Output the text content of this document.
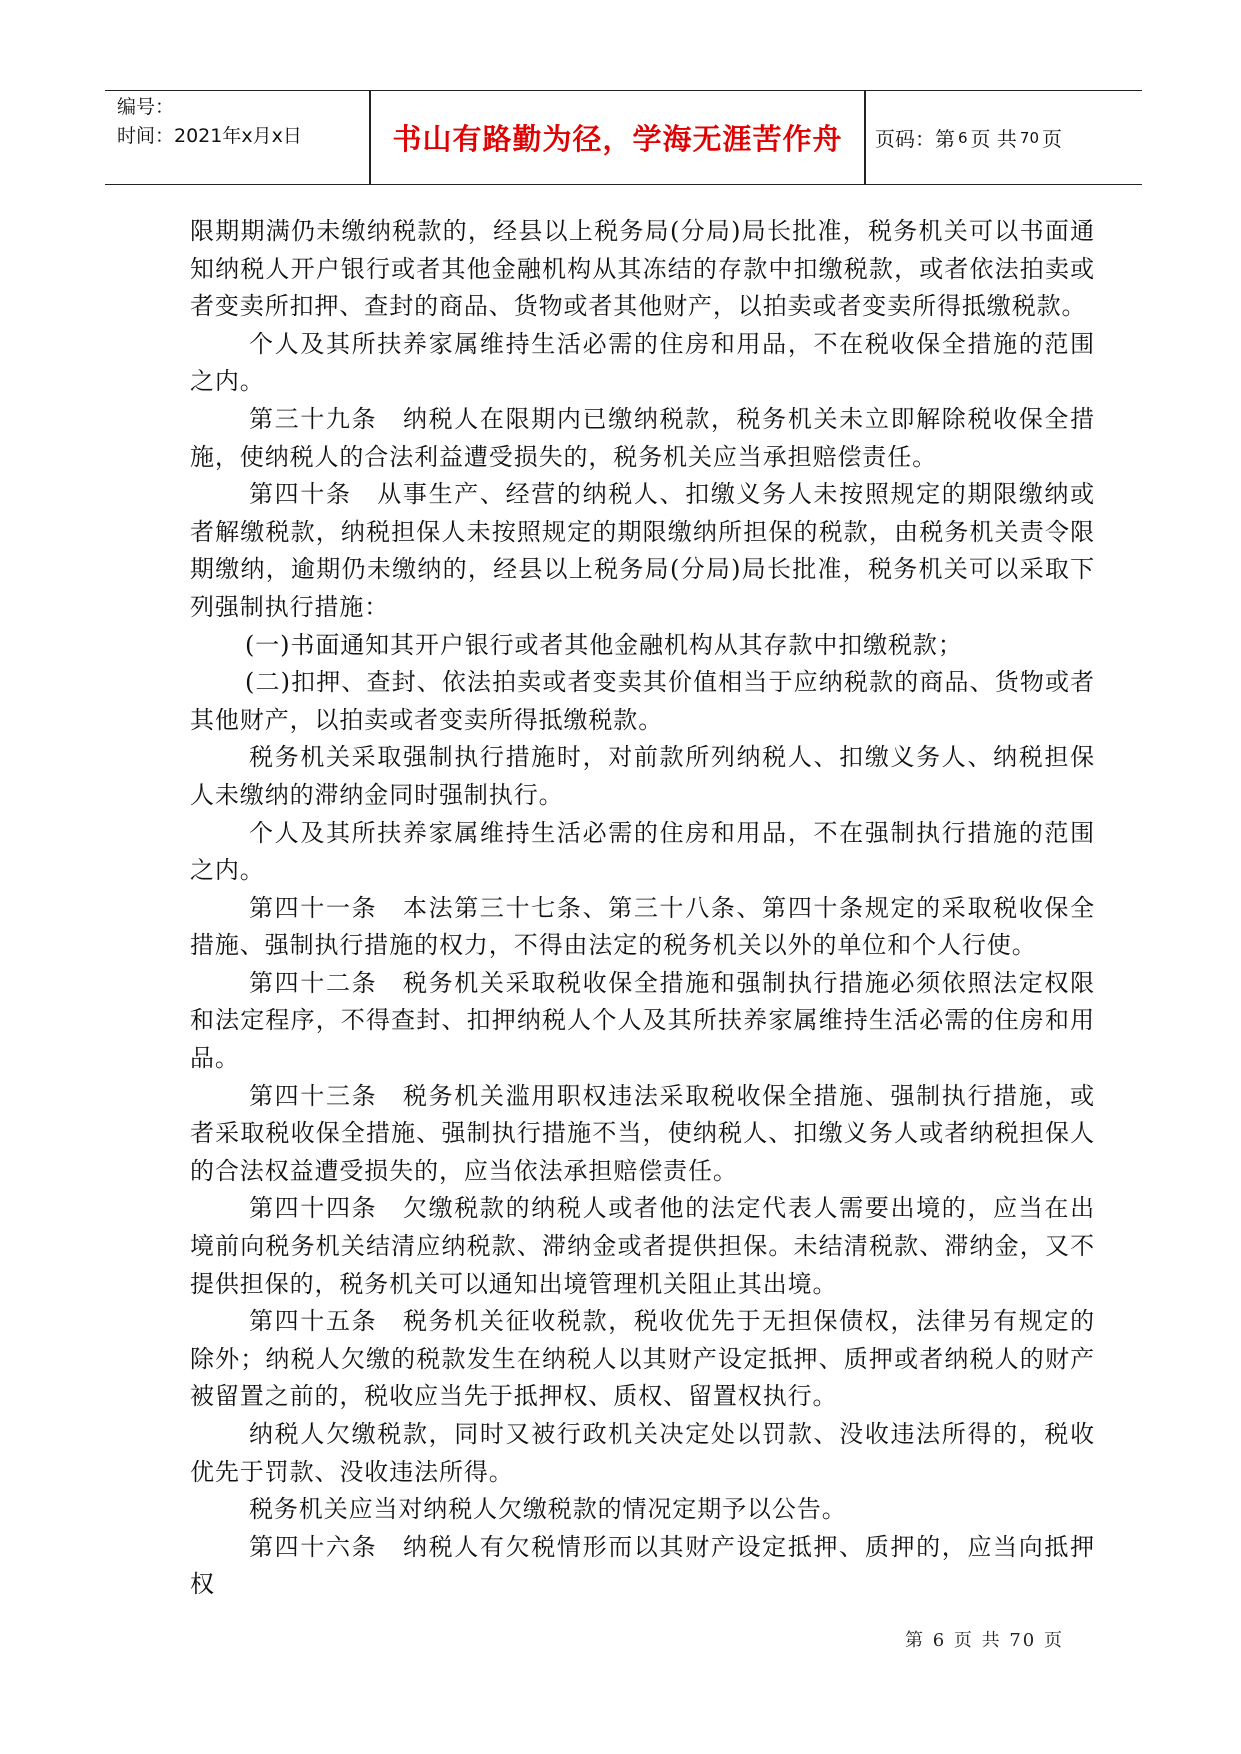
编号：
时间：2021年x月x日	书山有路勤为径，学海无涯苦作舟	页码：第 6 页 共 70 页

限期期满仍未缴纳税款的，经县以上税务局(分局)局长批准，税务机关可以书面通知纳税人开户银行或者其他金融机构从其冻结的存款中扣缴税款，或者依法拍卖或者变卖所扣押、查封的商品、货物或者其他财产，以拍卖或者变卖所得抵缴税款。

个人及其所扶养家属维持生活必需的住房和用品，不在税收保全措施的范围之内。

第三十九条　纳税人在限期内已缴纳税款，税务机关未立即解除税收保全措施，使纳税人的合法利益遭受损失的，税务机关应当承担赔偿责任。

第四十条　从事生产、经营的纳税人、扣缴义务人未按照规定的期限缴纳或者解缴税款，纳税担保人未按照规定的期限缴纳所担保的税款，由税务机关责令限期缴纳，逾期仍未缴纳的，经县以上税务局(分局)局长批准，税务机关可以采取下列强制执行措施：

(一)书面通知其开户银行或者其他金融机构从其存款中扣缴税款；

(二)扣押、查封、依法拍卖或者变卖其价值相当于应纳税款的商品、货物或者其他财产，以拍卖或者变卖所得抵缴税款。

税务机关采取强制执行措施时，对前款所列纳税人、扣缴义务人、纳税担保人未缴纳的滞纳金同时强制执行。

个人及其所扶养家属维持生活必需的住房和用品，不在强制执行措施的范围之内。

第四十一条　本法第三十七条、第三十八条、第四十条规定的采取税收保全措施、强制执行措施的权力，不得由法定的税务机关以外的单位和个人行使。

第四十二条　税务机关采取税收保全措施和强制执行措施必须依照法定权限和法定程序，不得查封、扣押纳税人个人及其所扶养家属维持生活必需的住房和用品。

第四十三条　税务机关滥用职权违法采取税收保全措施、强制执行措施，或者采取税收保全措施、强制执行措施不当，使纳税人、扣缴义务人或者纳税担保人的合法权益遭受损失的，应当依法承担赔偿责任。

第四十四条　欠缴税款的纳税人或者他的法定代表人需要出境的，应当在出境前向税务机关结清应纳税款、滞纳金或者提供担保。未结清税款、滞纳金，又不提供担保的，税务机关可以通知出境管理机关阻止其出境。

第四十五条　税务机关征收税款，税收优先于无担保债权，法律另有规定的除外；纳税人欠缴的税款发生在纳税人以其财产设定抵押、质押或者纳税人的财产被留置之前的，税收应当先于抵押权、质权、留置权执行。

纳税人欠缴税款，同时又被行政机关决定处以罚款、没收违法所得的，税收优先于罚款、没收违法所得。

税务机关应当对纳税人欠缴税款的情况定期予以公告。

第四十六条　纳税人有欠税情形而以其财产设定抵押、质押的，应当向抵押权

第 6 页 共 70 页
